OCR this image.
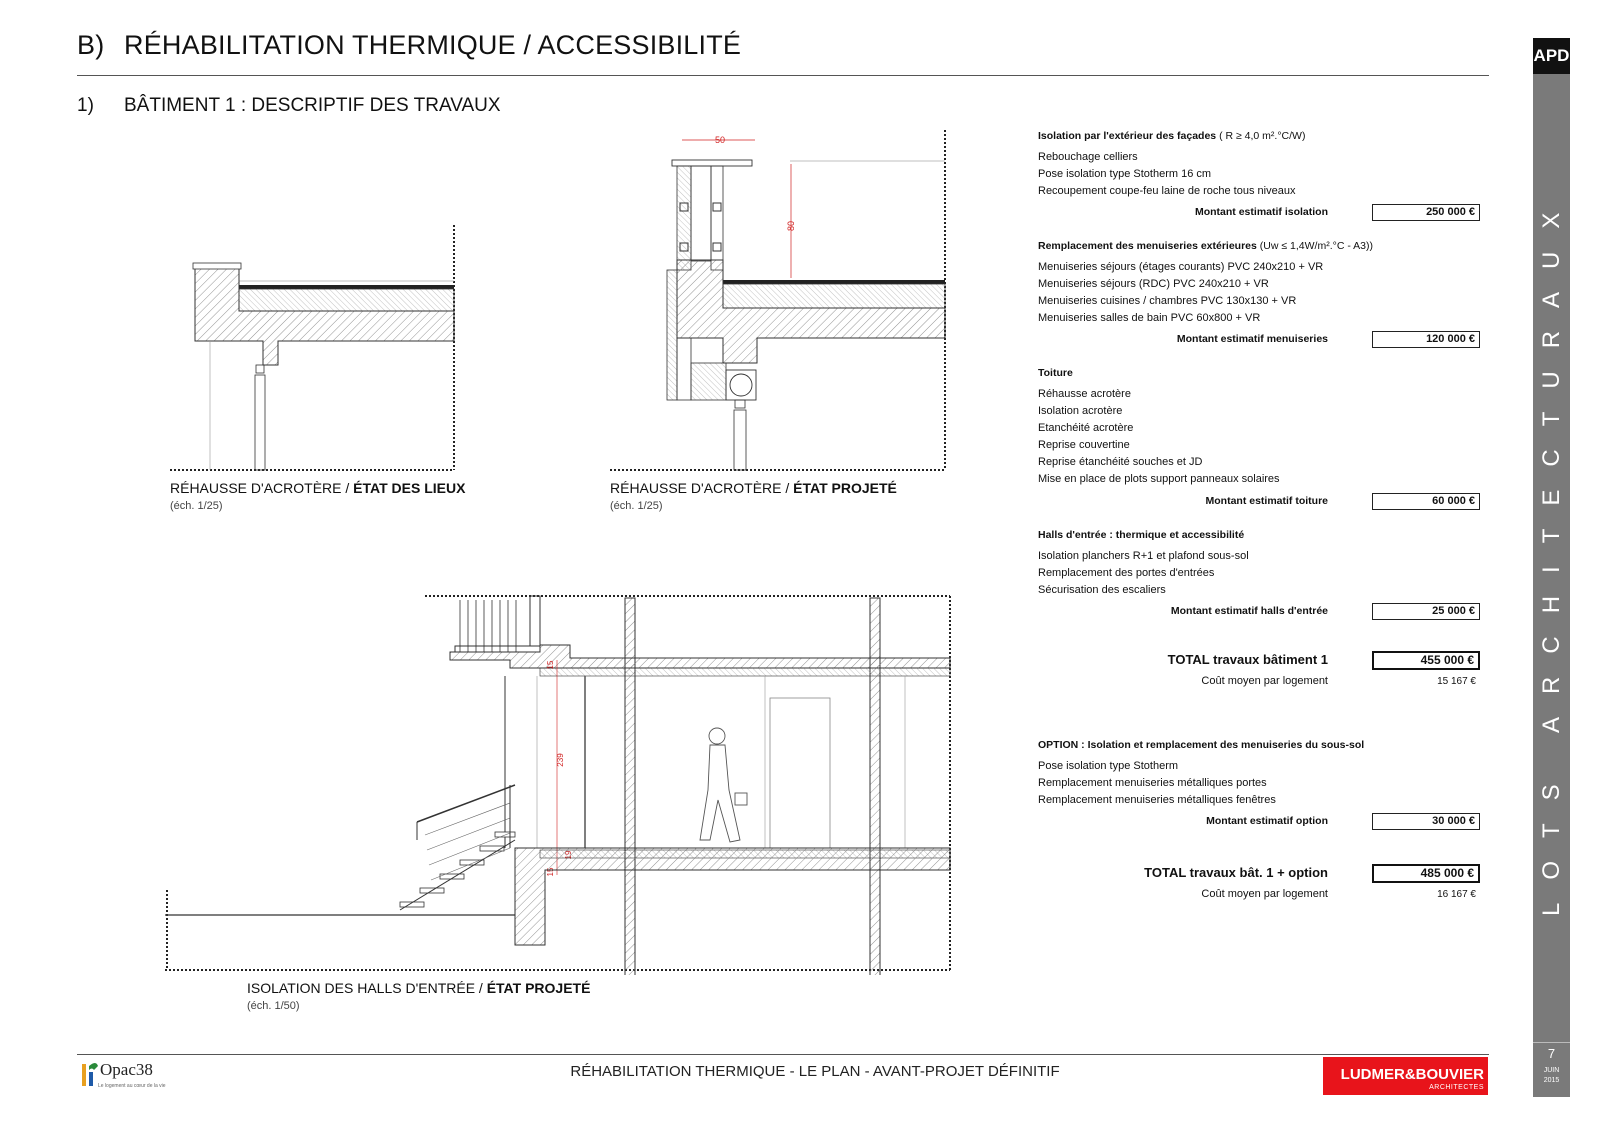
B) RÉHABILITATION THERMIQUE / ACCESSIBILITÉ
1) BÂTIMENT 1 : DESCRIPTIF DES TRAVAUX
APD
LOTS ARCHITECTURAUX
7
JUIN
2015
RÉHAUSSE D'ACROTÈRE / ÉTAT DES LIEUX
(éch. 1/25)
50
80
RÉHAUSSE D'ACROTÈRE / ÉTAT PROJETÉ
(éch. 1/25)
15
239
15
ISOLATION DES HALLS D'ENTRÉE / ÉTAT PROJETÉ
(éch. 1/50)
Isolation par l'extérieur des façades ( R ≥ 4,0 m².°C/W)
Rebouchage celliers
Pose isolation type Stotherm 16 cm
Recoupement coupe-feu laine de roche tous niveaux
Montant estimatif isolation	250 000 €
Remplacement des menuiseries extérieures (Uw ≤ 1,4W/m².°C - A3))
Menuiseries séjours (étages courants) PVC 240x210 + VR
Menuiseries séjours (RDC) PVC 240x210 + VR
Menuiseries cuisines / chambres PVC 130x130 + VR
Menuiseries salles de bain PVC 60x800 + VR
Montant estimatif menuiseries	120 000 €
Toiture
Réhausse acrotère
Isolation acrotère
Etanchéité acrotère
Reprise couvertine
Reprise étanchéité souches et JD
Mise en place de plots support panneaux solaires
Montant estimatif toiture	60 000 €
Halls d'entrée : thermique et accessibilité
Isolation planchers R+1 et plafond sous-sol
Remplacement des portes d'entrées
Sécurisation des escaliers
Montant estimatif halls d'entrée	25 000 €
TOTAL travaux bâtiment 1	455 000 €
Coût moyen par logement	15 167 €
OPTION : Isolation et remplacement des menuiseries du sous-sol
Pose isolation type Stotherm
Remplacement menuiseries métalliques portes
Remplacement menuiseries métalliques fenêtres
Montant estimatif option	30 000 €
TOTAL travaux bât. 1 + option	485 000 €
Coût moyen par logement	16 167 €
Opac38
Le logement au cœur de la vie
RÉHABILITATION THERMIQUE - LE PLAN - AVANT-PROJET DÉFINITIF	LUDMER&BOUVIER
ARCHITECTES
